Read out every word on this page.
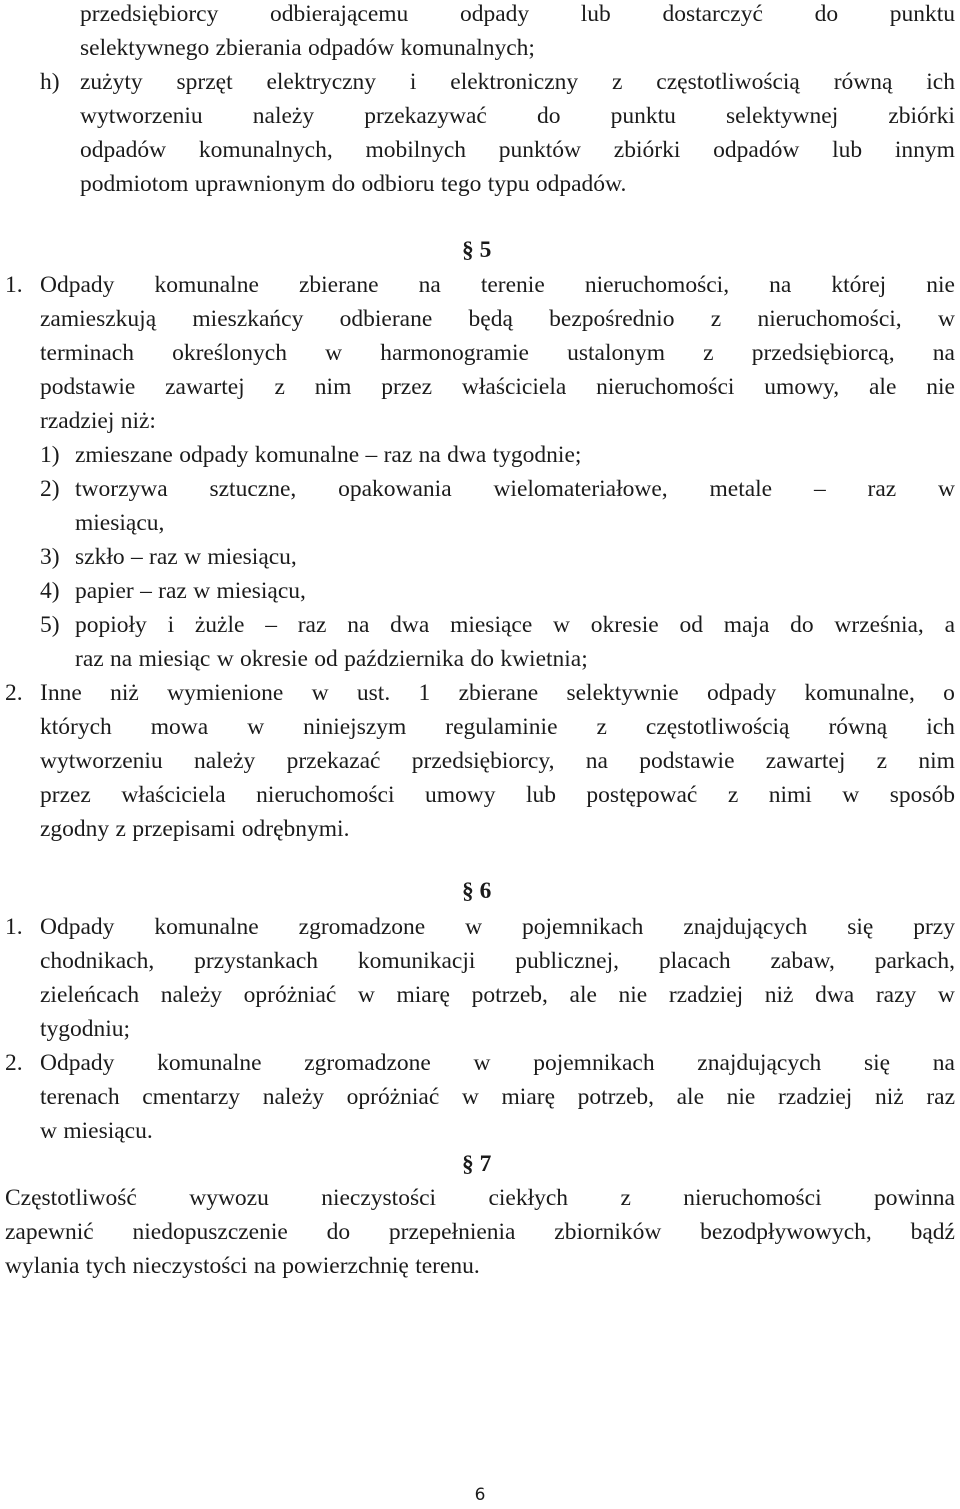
przedsiębiorcy odbierającemu odpady lub dostarczyć do punktu
selektywnego zbierania odpadów komunalnych;
h) zużyty sprzęt elektryczny i elektroniczny z częstotliwością równą ich
wytworzeniu należy przekazywać do punktu selektywnej zbiórki
odpadów komunalnych, mobilnych punktów zbiórki odpadów lub innym
podmiotom uprawnionym do odbioru tego typu odpadów.
§ 5
1. Odpady komunalne zbierane na terenie nieruchomości, na której nie
zamieszkują mieszkańcy odbierane będą bezpośrednio z nieruchomości, w
terminach określonych w harmonogramie ustalonym z przedsiębiorcą, na
podstawie zawartej z nim przez właściciela nieruchomości umowy, ale nie
rzadziej niż:
1) zmieszane odpady komunalne – raz na dwa tygodnie;
2) tworzywa sztuczne, opakowania wielomateriałowe, metale – raz w
miesiącu,
3) szkło – raz w miesiącu,
4) papier – raz w miesiącu,
5) popioły i żużle – raz na dwa miesiące w okresie od maja do września, a
raz na miesiąc w okresie od października do kwietnia;
2. Inne niż wymienione w ust. 1 zbierane selektywnie odpady komunalne, o
których mowa w niniejszym regulaminie z częstotliwością równą ich
wytworzeniu należy przekazać przedsiębiorcy, na podstawie zawartej z nim
przez właściciela nieruchomości umowy lub postępować z nimi w sposób
zgodny z przepisami odrębnymi.
§ 6
1. Odpady komunalne zgromadzone w pojemnikach znajdujących się przy
chodnikach, przystankach komunikacji publicznej, placach zabaw, parkach,
zieleńcach należy opróżniać w miarę potrzeb, ale nie rzadziej niż dwa razy w
tygodniu;
2. Odpady komunalne zgromadzone w pojemnikach znajdujących się na
terenach cmentarzy należy opróżniać w miarę potrzeb, ale nie rzadziej niż raz
w miesiącu.
§ 7
Częstotliwość wywozu nieczystości ciekłych z nieruchomości powinna
zapewnić niedopuszczenie do przepełnienia zbiorników bezodpływowych, bądź
wylania tych nieczystości na powierzchnię terenu.
6
